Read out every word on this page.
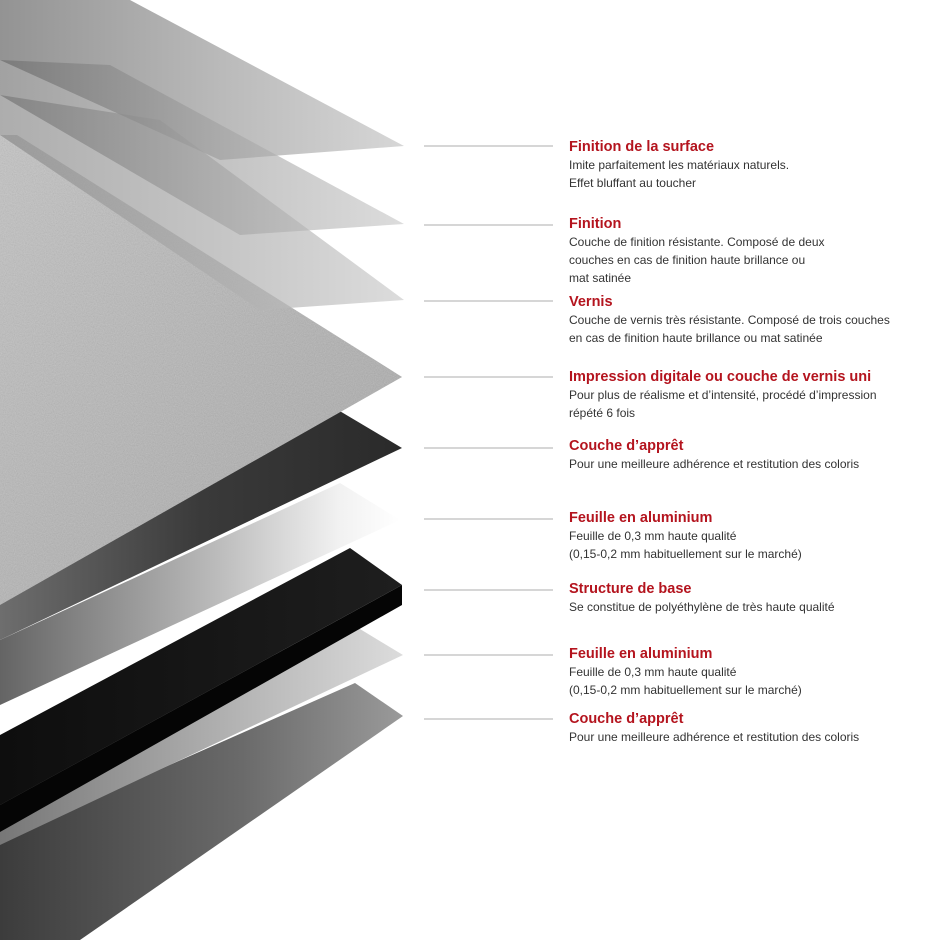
Finition de la surface
Imite parfaitement les matériaux naturels.
Effet bluffant au toucher
Finition
Couche de finition résistante. Composé de deux
couches en cas de finition haute brillance ou
mat satinée
Vernis
Couche de vernis très résistante. Composé de trois couches
en cas de finition haute brillance ou mat satinée
Impression digitale ou couche de vernis uni
Pour plus de réalisme et d’intensité, procédé d’impression
répété 6 fois
Couche d’apprêt
Pour une meilleure adhérence et restitution des coloris
Feuille en aluminium
Feuille de 0,3 mm haute qualité
(0,15-0,2 mm habituellement sur le marché)
Structure de base
Se constitue de polyéthylène de très haute qualité
Feuille en aluminium
Feuille de 0,3 mm haute qualité
(0,15-0,2 mm habituellement sur le marché)
Couche d’apprêt
Pour une meilleure adhérence et restitution des coloris
